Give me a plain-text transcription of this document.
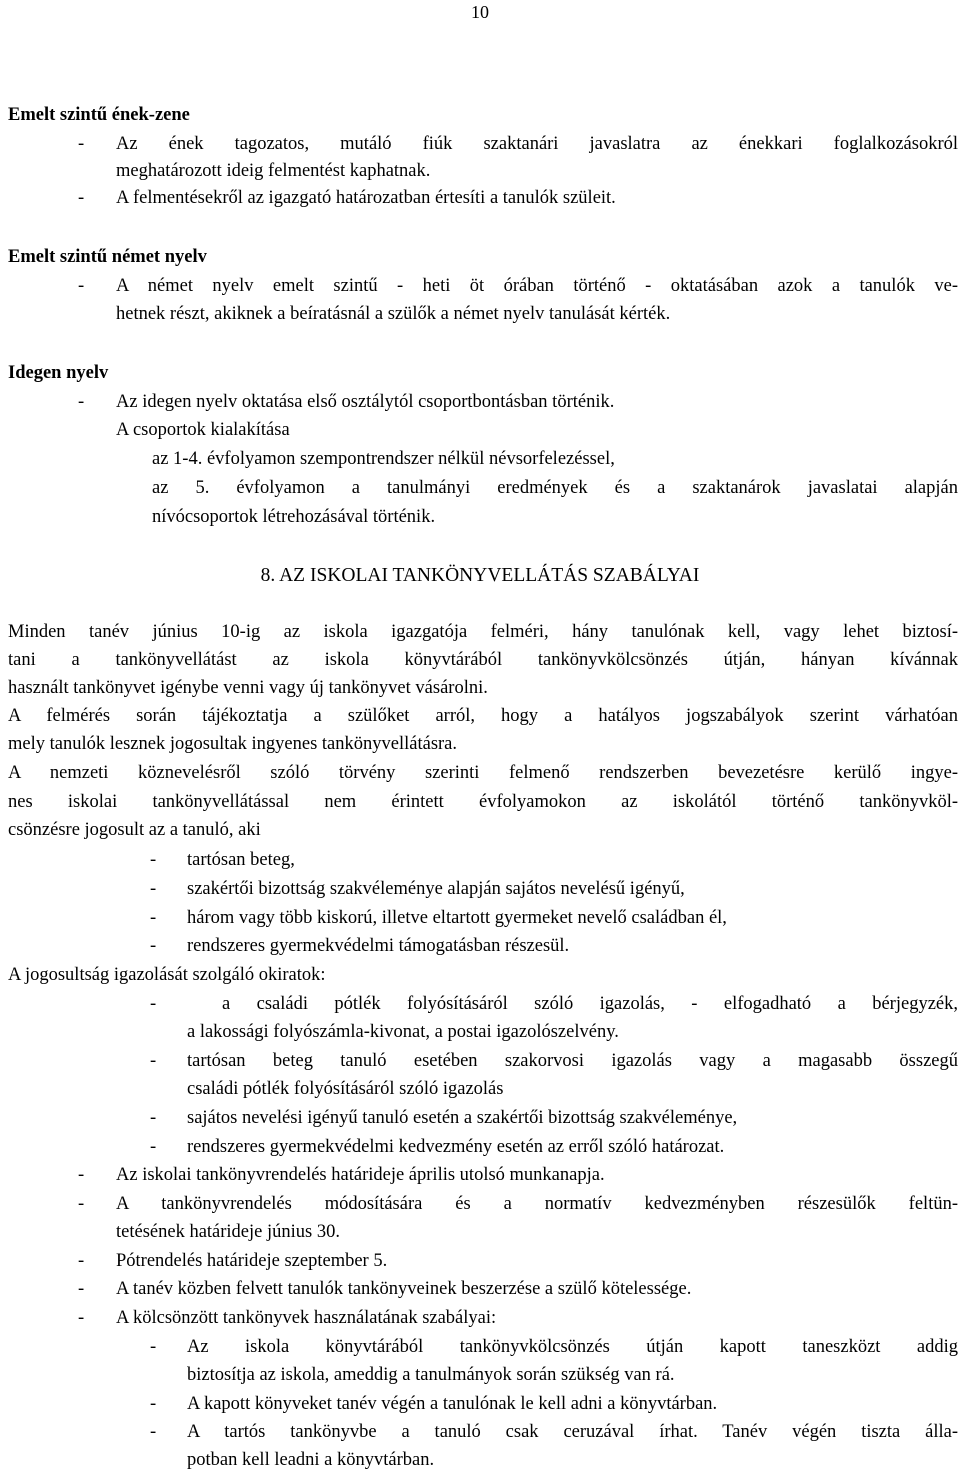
10
Emelt szintű ének-zene
- Az ének tagozatos, mutáló fiúk szaktanári javaslatra az énekkari foglalkozásokról
meghatározott ideig felmentést kaphatnak.
- A felmentésekről az igazgató határozatban értesíti a tanulók szüleit.
Emelt szintű német nyelv
- A német nyelv emelt szintű - heti öt órában történő - oktatásában azok a tanulók ve-
hetnek részt, akiknek a beíratásnál a szülők a német nyelv tanulását kérték.
Idegen nyelv
- Az idegen nyelv oktatása első osztálytól csoportbontásban történik.
A csoportok kialakítása
az 1-4. évfolyamon szempontrendszer nélkül névsorfelezéssel,
az 5. évfolyamon a tanulmányi eredmények és a szaktanárok javaslatai alapján
nívócsoportok létrehozásával történik.
8. AZ ISKOLAI TANKÖNYVELLÁTÁS SZABÁLYAI
Minden tanév június 10-ig az iskola igazgatója felméri, hány tanulónak kell, vagy lehet biztosí-
tani a tankönyvellátást az iskola könyvtárából tankönyvkölcsönzés útján, hányan kívánnak
használt tankönyvet igénybe venni vagy új tankönyvet vásárolni.
A felmérés során tájékoztatja a szülőket arról, hogy a hatályos jogszabályok szerint várhatóan
mely tanulók lesznek jogosultak ingyenes tankönyvellátásra.
A nemzeti köznevelésről szóló törvény szerinti felmenő rendszerben bevezetésre kerülő ingye-
nes iskolai tankönyvellátással nem érintett évfolyamokon az iskolától történő tankönyvköl-
csönzésre jogosult az a tanuló, aki
- tartósan beteg,
- szakértői bizottság szakvéleménye alapján sajátos nevelésű igényű,
- három vagy több kiskorú, illetve eltartott gyermeket nevelő családban él,
- rendszeres gyermekvédelmi támogatásban részesül.
A jogosultság igazolását szolgáló okiratok:
-	a családi pótlék folyósításáról szóló igazolás, - elfogadható a bérjegyzék,
a lakossági folyószámla-kivonat, a postai igazolószelvény.
- tartósan beteg tanuló esetében szakorvosi igazolás vagy a magasabb összegű
családi pótlék folyósításáról szóló igazolás
- sajátos nevelési igényű tanuló esetén a szakértői bizottság szakvéleménye,
- rendszeres gyermekvédelmi kedvezmény esetén az erről szóló határozat.
- Az iskolai tankönyvrendelés határideje április utolsó munkanapja.
- A tankönyvrendelés módosítására és a normatív kedvezményben részesülők feltün-
tetésének határideje június 30.
- Pótrendelés határideje szeptember 5.
- A tanév közben felvett tanulók tankönyveinek beszerzése a szülő kötelessége.
- A kölcsönzött tankönyvek használatának szabályai:
- Az iskola könyvtárából tankönyvkölcsönzés útján kapott taneszközt addig
biztosítja az iskola, ameddig a tanulmányok során szükség van rá.
- A kapott könyveket tanév végén a tanulónak le kell adni a könyvtárban.
- A tartós tankönyvbe a tanuló csak ceruzával írhat. Tanév végén tiszta álla-
potban kell leadni a könyvtárban.
